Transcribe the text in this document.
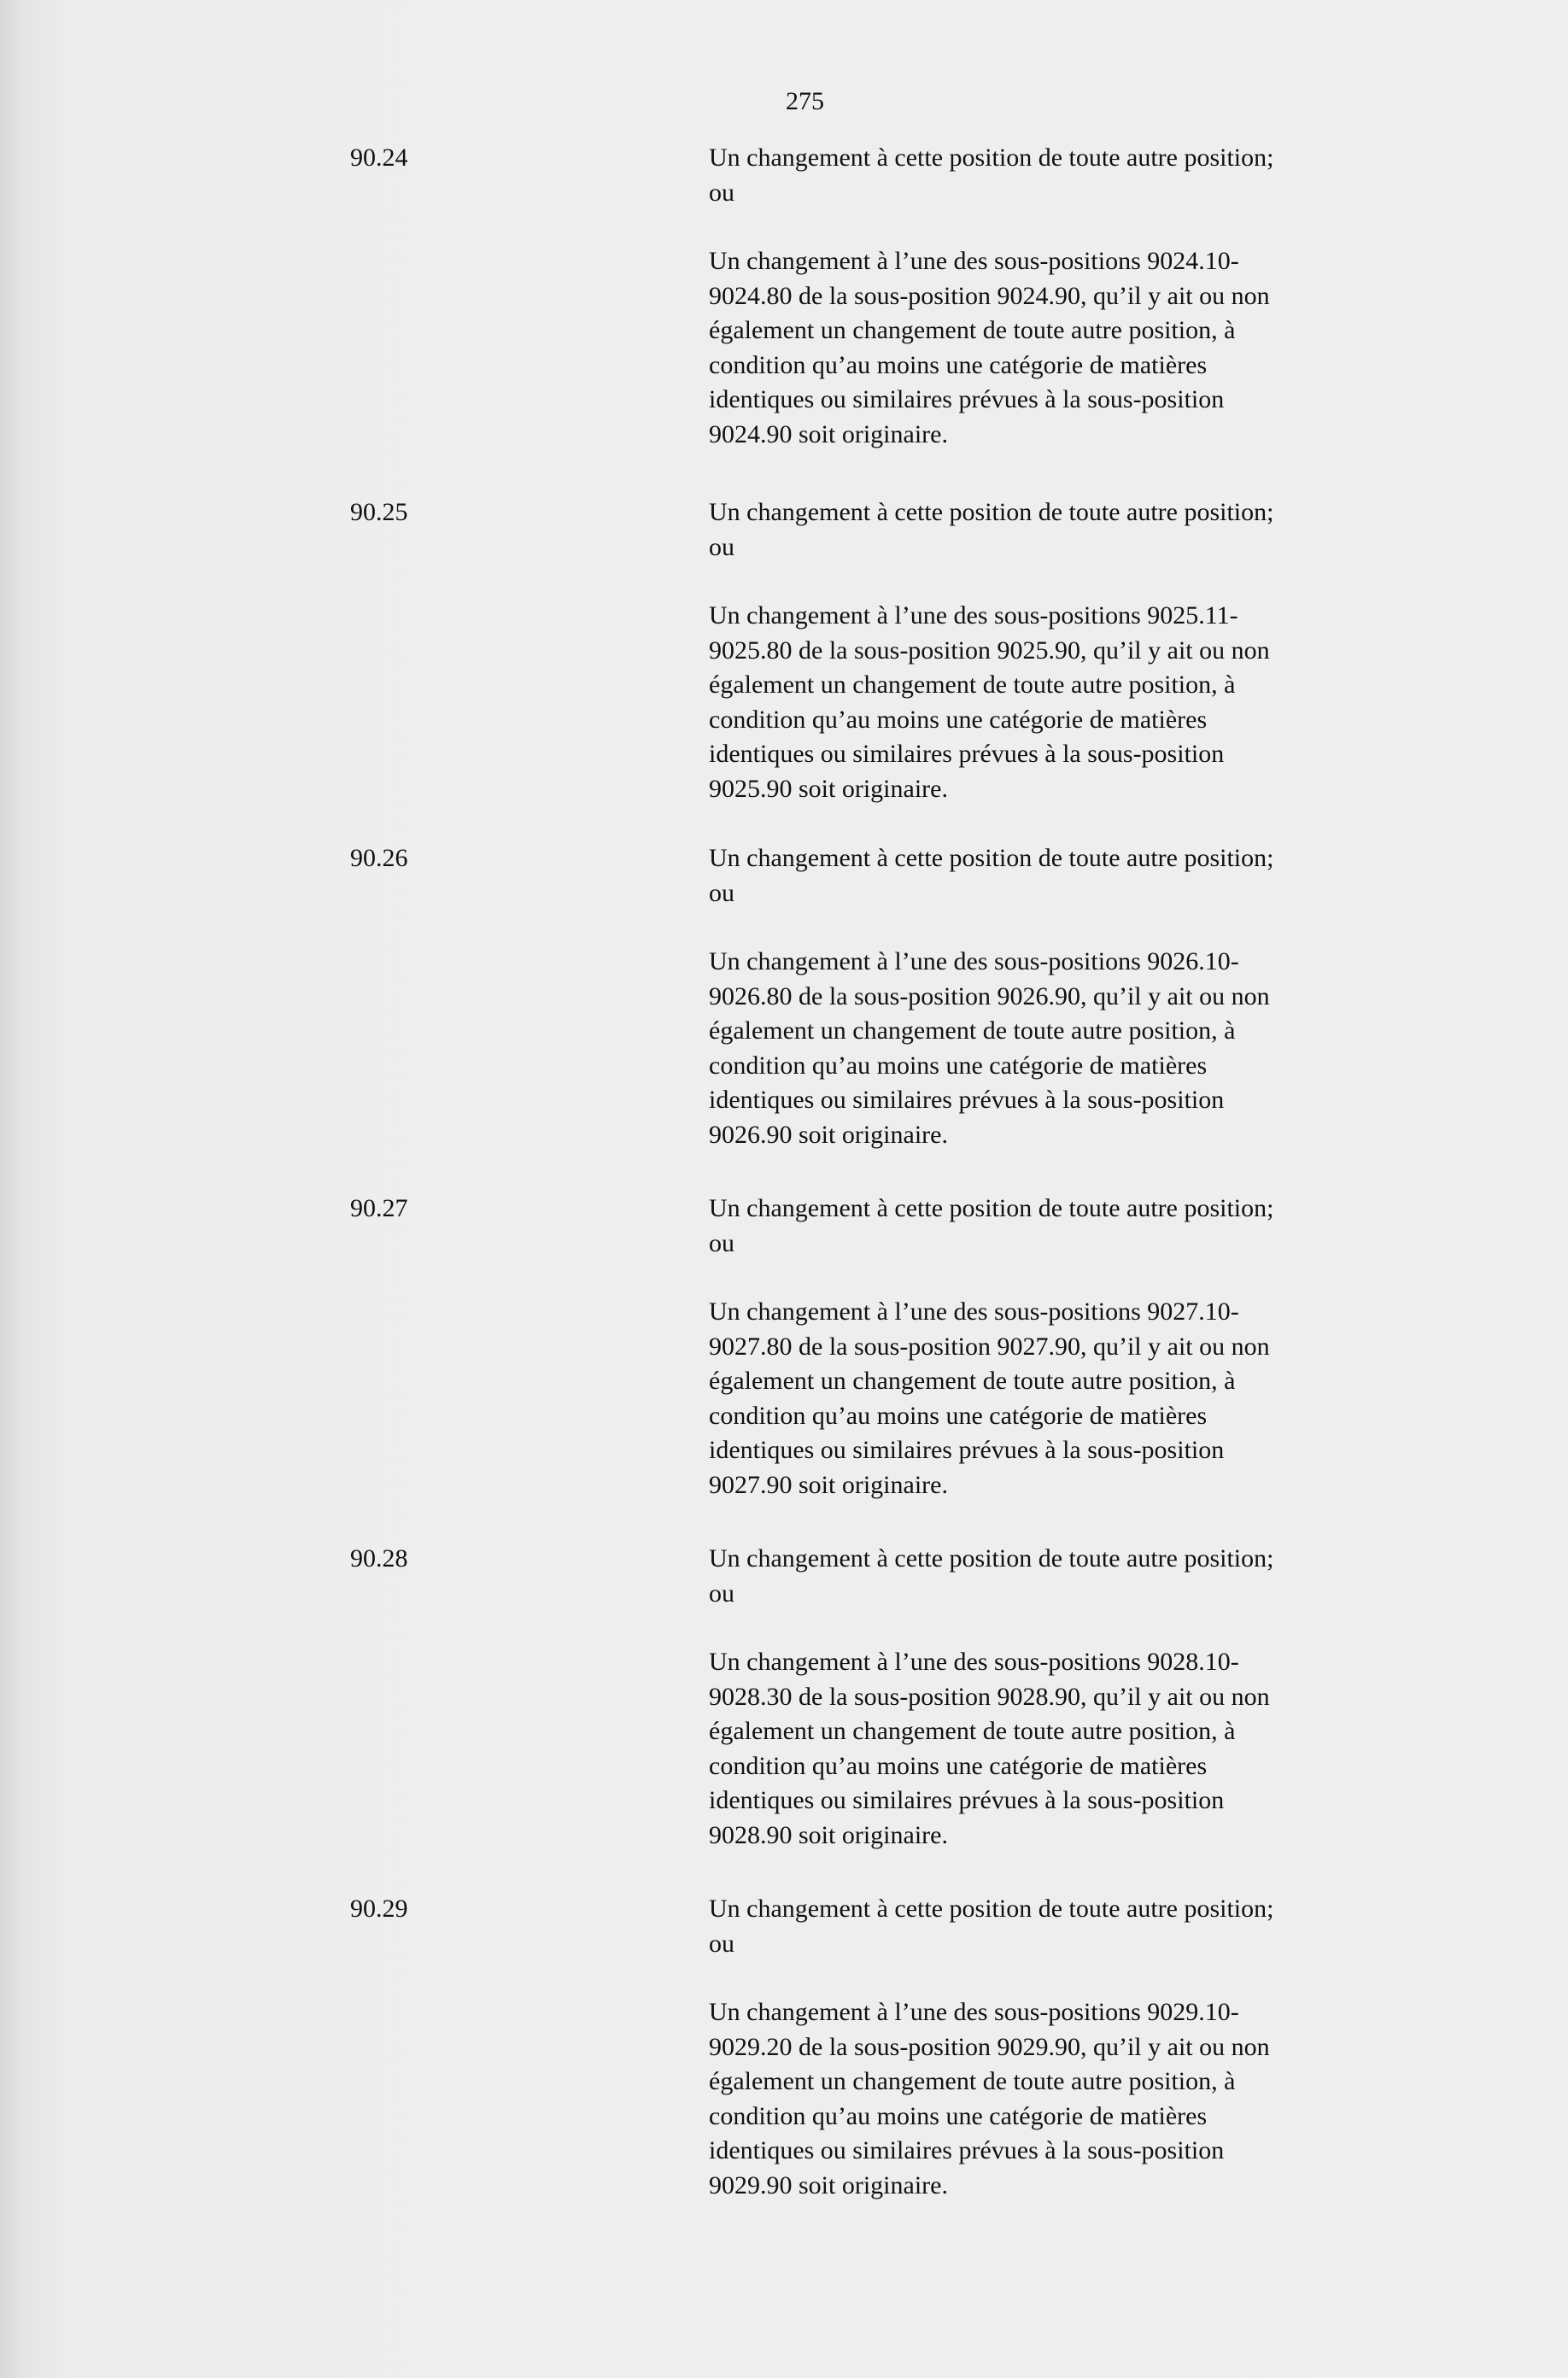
275
90.24	Un changement à cette position de toute autre position;

ou

Un changement à l’une des sous-positions 9024.10-

9024.80 de la sous-position 9024.90, qu’il y ait ou non

également un changement de toute autre position, à

condition qu’au moins une catégorie de matières

identiques ou similaires prévues à la sous-position

9024.90 soit originaire.

90.25	Un changement à cette position de toute autre position;

ou

Un changement à l’une des sous-positions 9025.11-

9025.80 de la sous-position 9025.90, qu’il y ait ou non

également un changement de toute autre position, à

condition qu’au moins une catégorie de matières

identiques ou similaires prévues à la sous-position

9025.90 soit originaire.

90.26	Un changement à cette position de toute autre position;

ou

Un changement à l’une des sous-positions 9026.10-

9026.80 de la sous-position 9026.90, qu’il y ait ou non

également un changement de toute autre position, à

condition qu’au moins une catégorie de matières

identiques ou similaires prévues à la sous-position

9026.90 soit originaire.

90.27	Un changement à cette position de toute autre position;

ou

Un changement à l’une des sous-positions 9027.10-

9027.80 de la sous-position 9027.90, qu’il y ait ou non

également un changement de toute autre position, à

condition qu’au moins une catégorie de matières

identiques ou similaires prévues à la sous-position

9027.90 soit originaire.

90.28	Un changement à cette position de toute autre position;

ou

Un changement à l’une des sous-positions 9028.10-

9028.30 de la sous-position 9028.90, qu’il y ait ou non

également un changement de toute autre position, à

condition qu’au moins une catégorie de matières

identiques ou similaires prévues à la sous-position

9028.90 soit originaire.

90.29	Un changement à cette position de toute autre position;

ou

Un changement à l’une des sous-positions 9029.10-

9029.20 de la sous-position 9029.90, qu’il y ait ou non

également un changement de toute autre position, à

condition qu’au moins une catégorie de matières

identiques ou similaires prévues à la sous-position

9029.90 soit originaire.
